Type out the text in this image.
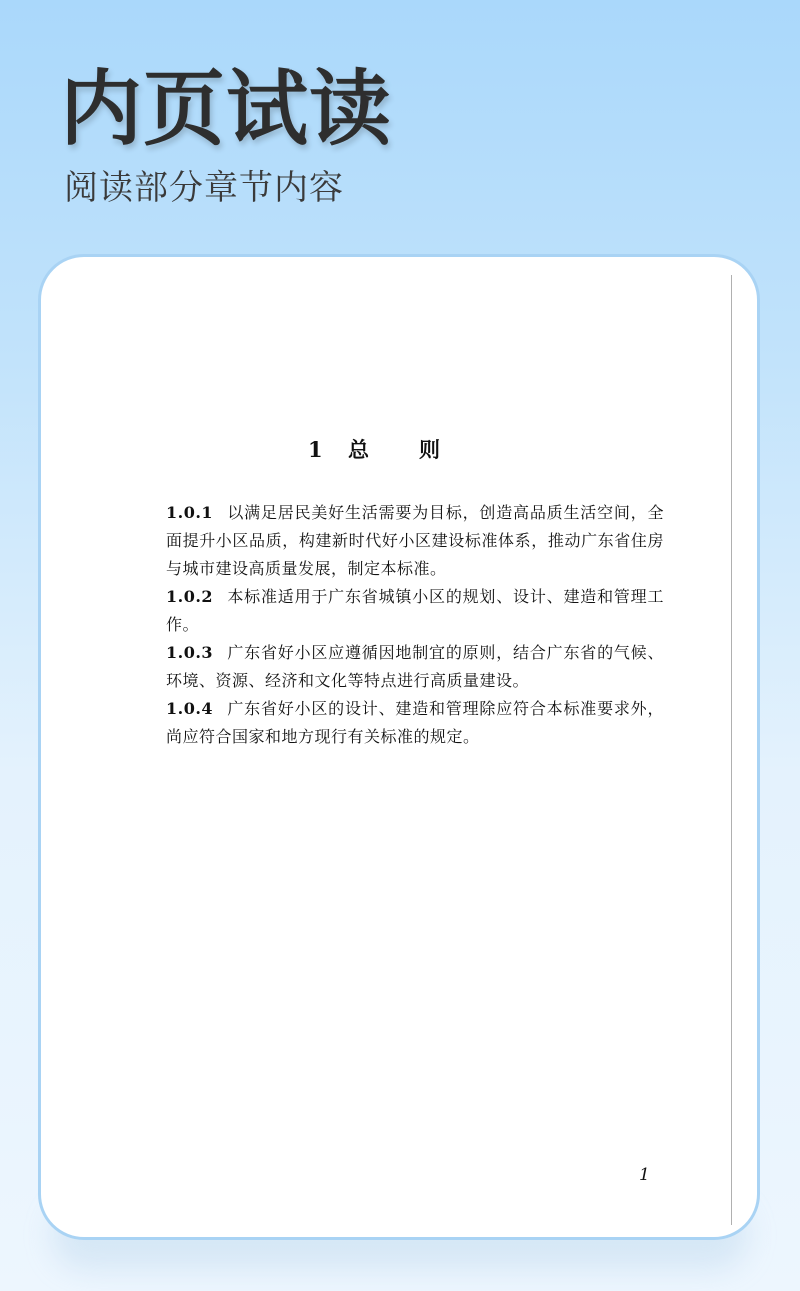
内页试读

阅读部分章节内容

1 总则
1.0.1 以满足居民美好生活需要为目标，创造高品质生活空间，全面提升小区品质，构建新时代好小区建设标准体系，推动广东省住房与城市建设高质量发展，制定本标准。
1.0.2 本标准适用于广东省城镇小区的规划、设计、建造和管理工作。
1.0.3 广东省好小区应遵循因地制宜的原则，结合广东省的气候、环境、资源、经济和文化等特点进行高质量建设。
1.0.4 广东省好小区的设计、建造和管理除应符合本标准要求外，尚应符合国家和地方现行有关标准的规定。

1
